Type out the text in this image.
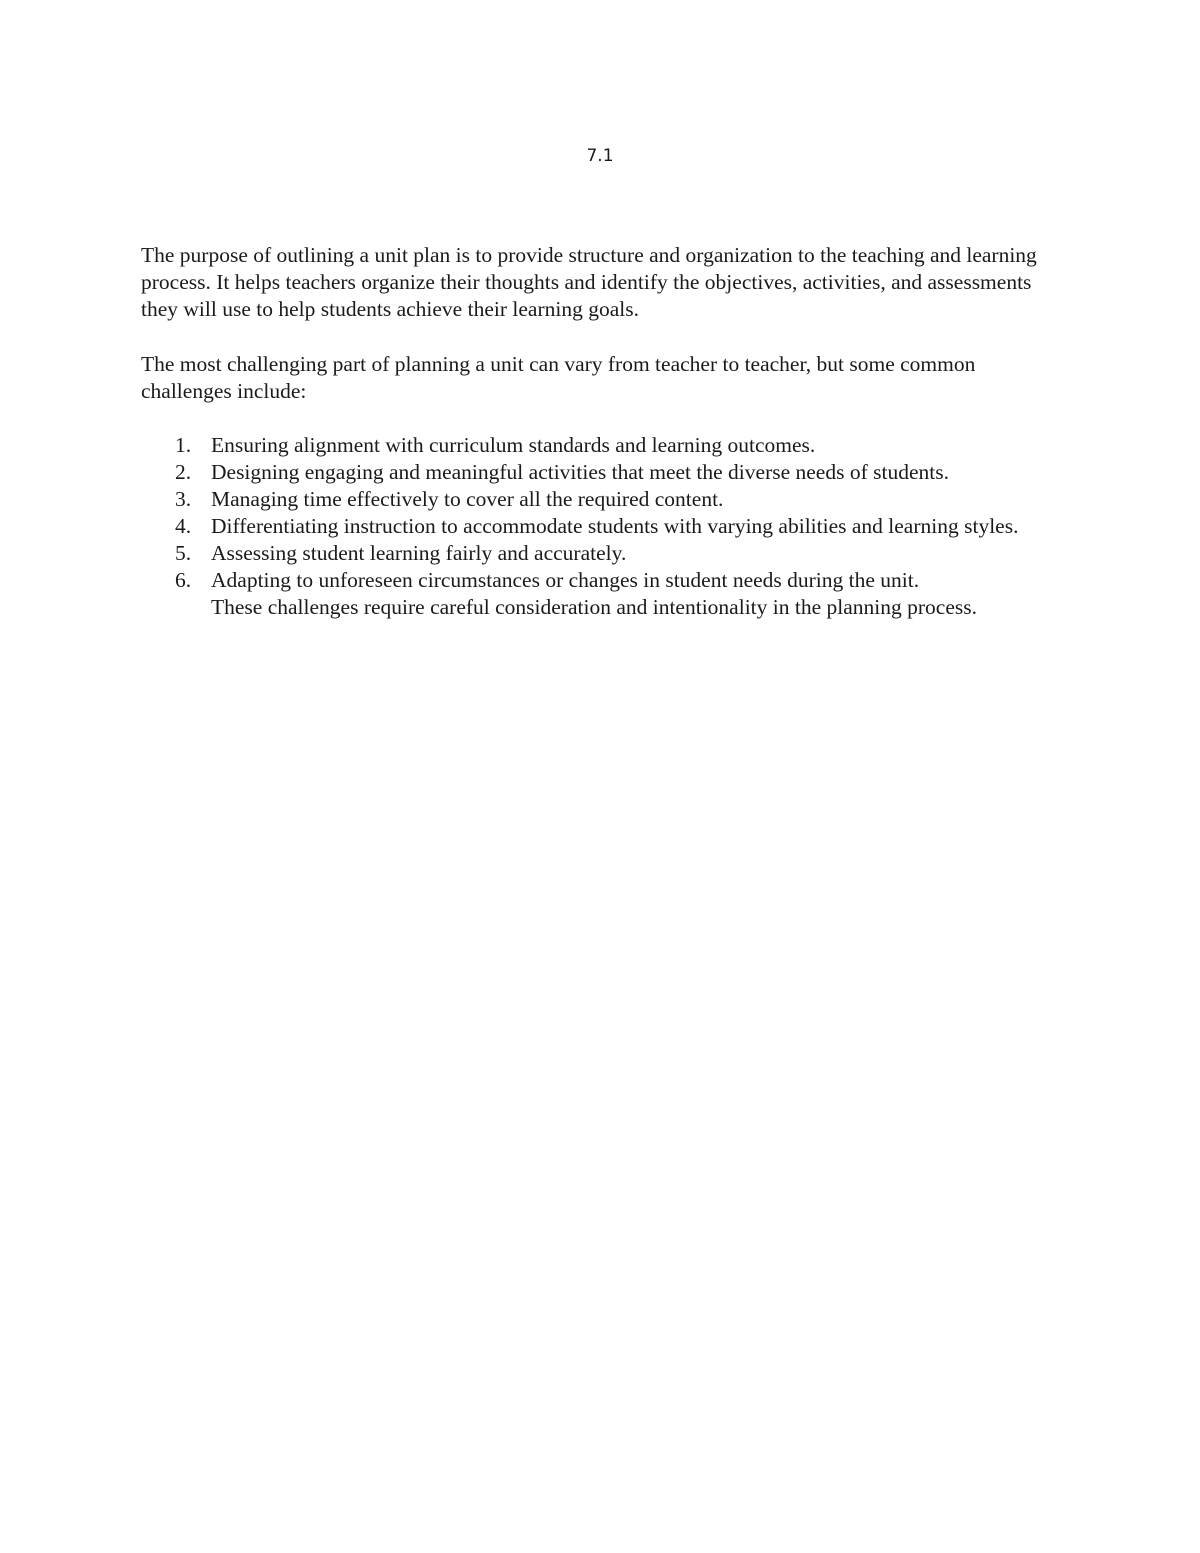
7.1

The purpose of outlining a unit plan is to provide structure and organization to the teaching and learning process. It helps teachers organize their thoughts and identify the objectives, activities, and assessments they will use to help students achieve their learning goals.

The most challenging part of planning a unit can vary from teacher to teacher, but some common challenges include:

1. Ensuring alignment with curriculum standards and learning outcomes.
2. Designing engaging and meaningful activities that meet the diverse needs of students.
3. Managing time effectively to cover all the required content.
4. Differentiating instruction to accommodate students with varying abilities and learning styles.
5. Assessing student learning fairly and accurately.
6. Adapting to unforeseen circumstances or changes in student needs during the unit.
These challenges require careful consideration and intentionality in the planning process.
